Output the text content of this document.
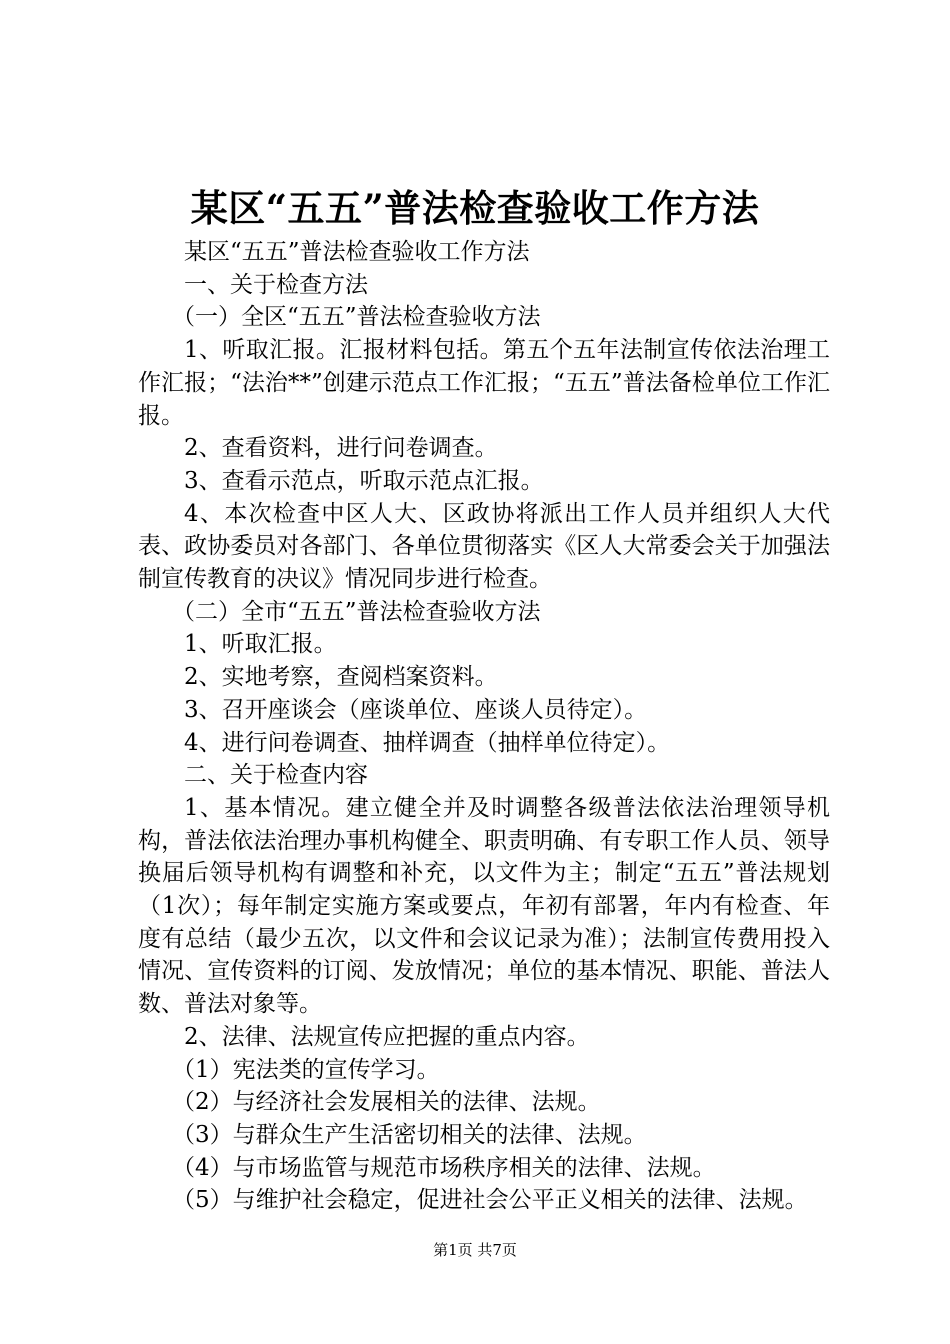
某区“五五”普法检查验收工作方法

某区“五五”普法检查验收工作方法

一、关于检查方法

（一）全区“五五”普法检查验收方法

1、听取汇报。汇报材料包括。第五个五年法制宣传依法治理工作汇报；“法治**”创建示范点工作汇报；“五五”普法备检单位工作汇报。

2、查看资料，进行问卷调查。

3、查看示范点，听取示范点汇报。

4、本次检查中区人大、区政协将派出工作人员并组织人大代表、政协委员对各部门、各单位贯彻落实《区人大常委会关于加强法制宣传教育的决议》情况同步进行检查。

（二）全市“五五”普法检查验收方法

1、听取汇报。

2、实地考察，查阅档案资料。

3、召开座谈会（座谈单位、座谈人员待定）。

4、进行问卷调查、抽样调查（抽样单位待定）。

二、关于检查内容

1、基本情况。建立健全并及时调整各级普法依法治理领导机构，普法依法治理办事机构健全、职责明确、有专职工作人员、领导换届后领导机构有调整和补充，以文件为主；制定“五五”普法规划（1次）；每年制定实施方案或要点，年初有部署，年内有检查、年度有总结（最少五次，以文件和会议记录为准）；法制宣传费用投入情况、宣传资料的订阅、发放情况；单位的基本情况、职能、普法人数、普法对象等。

2、法律、法规宣传应把握的重点内容。

（1）宪法类的宣传学习。

（2）与经济社会发展相关的法律、法规。

（3）与群众生产生活密切相关的法律、法规。

（4）与市场监管与规范市场秩序相关的法律、法规。

（5）与维护社会稳定，促进社会公平正义相关的法律、法规。

第1页 共7页
